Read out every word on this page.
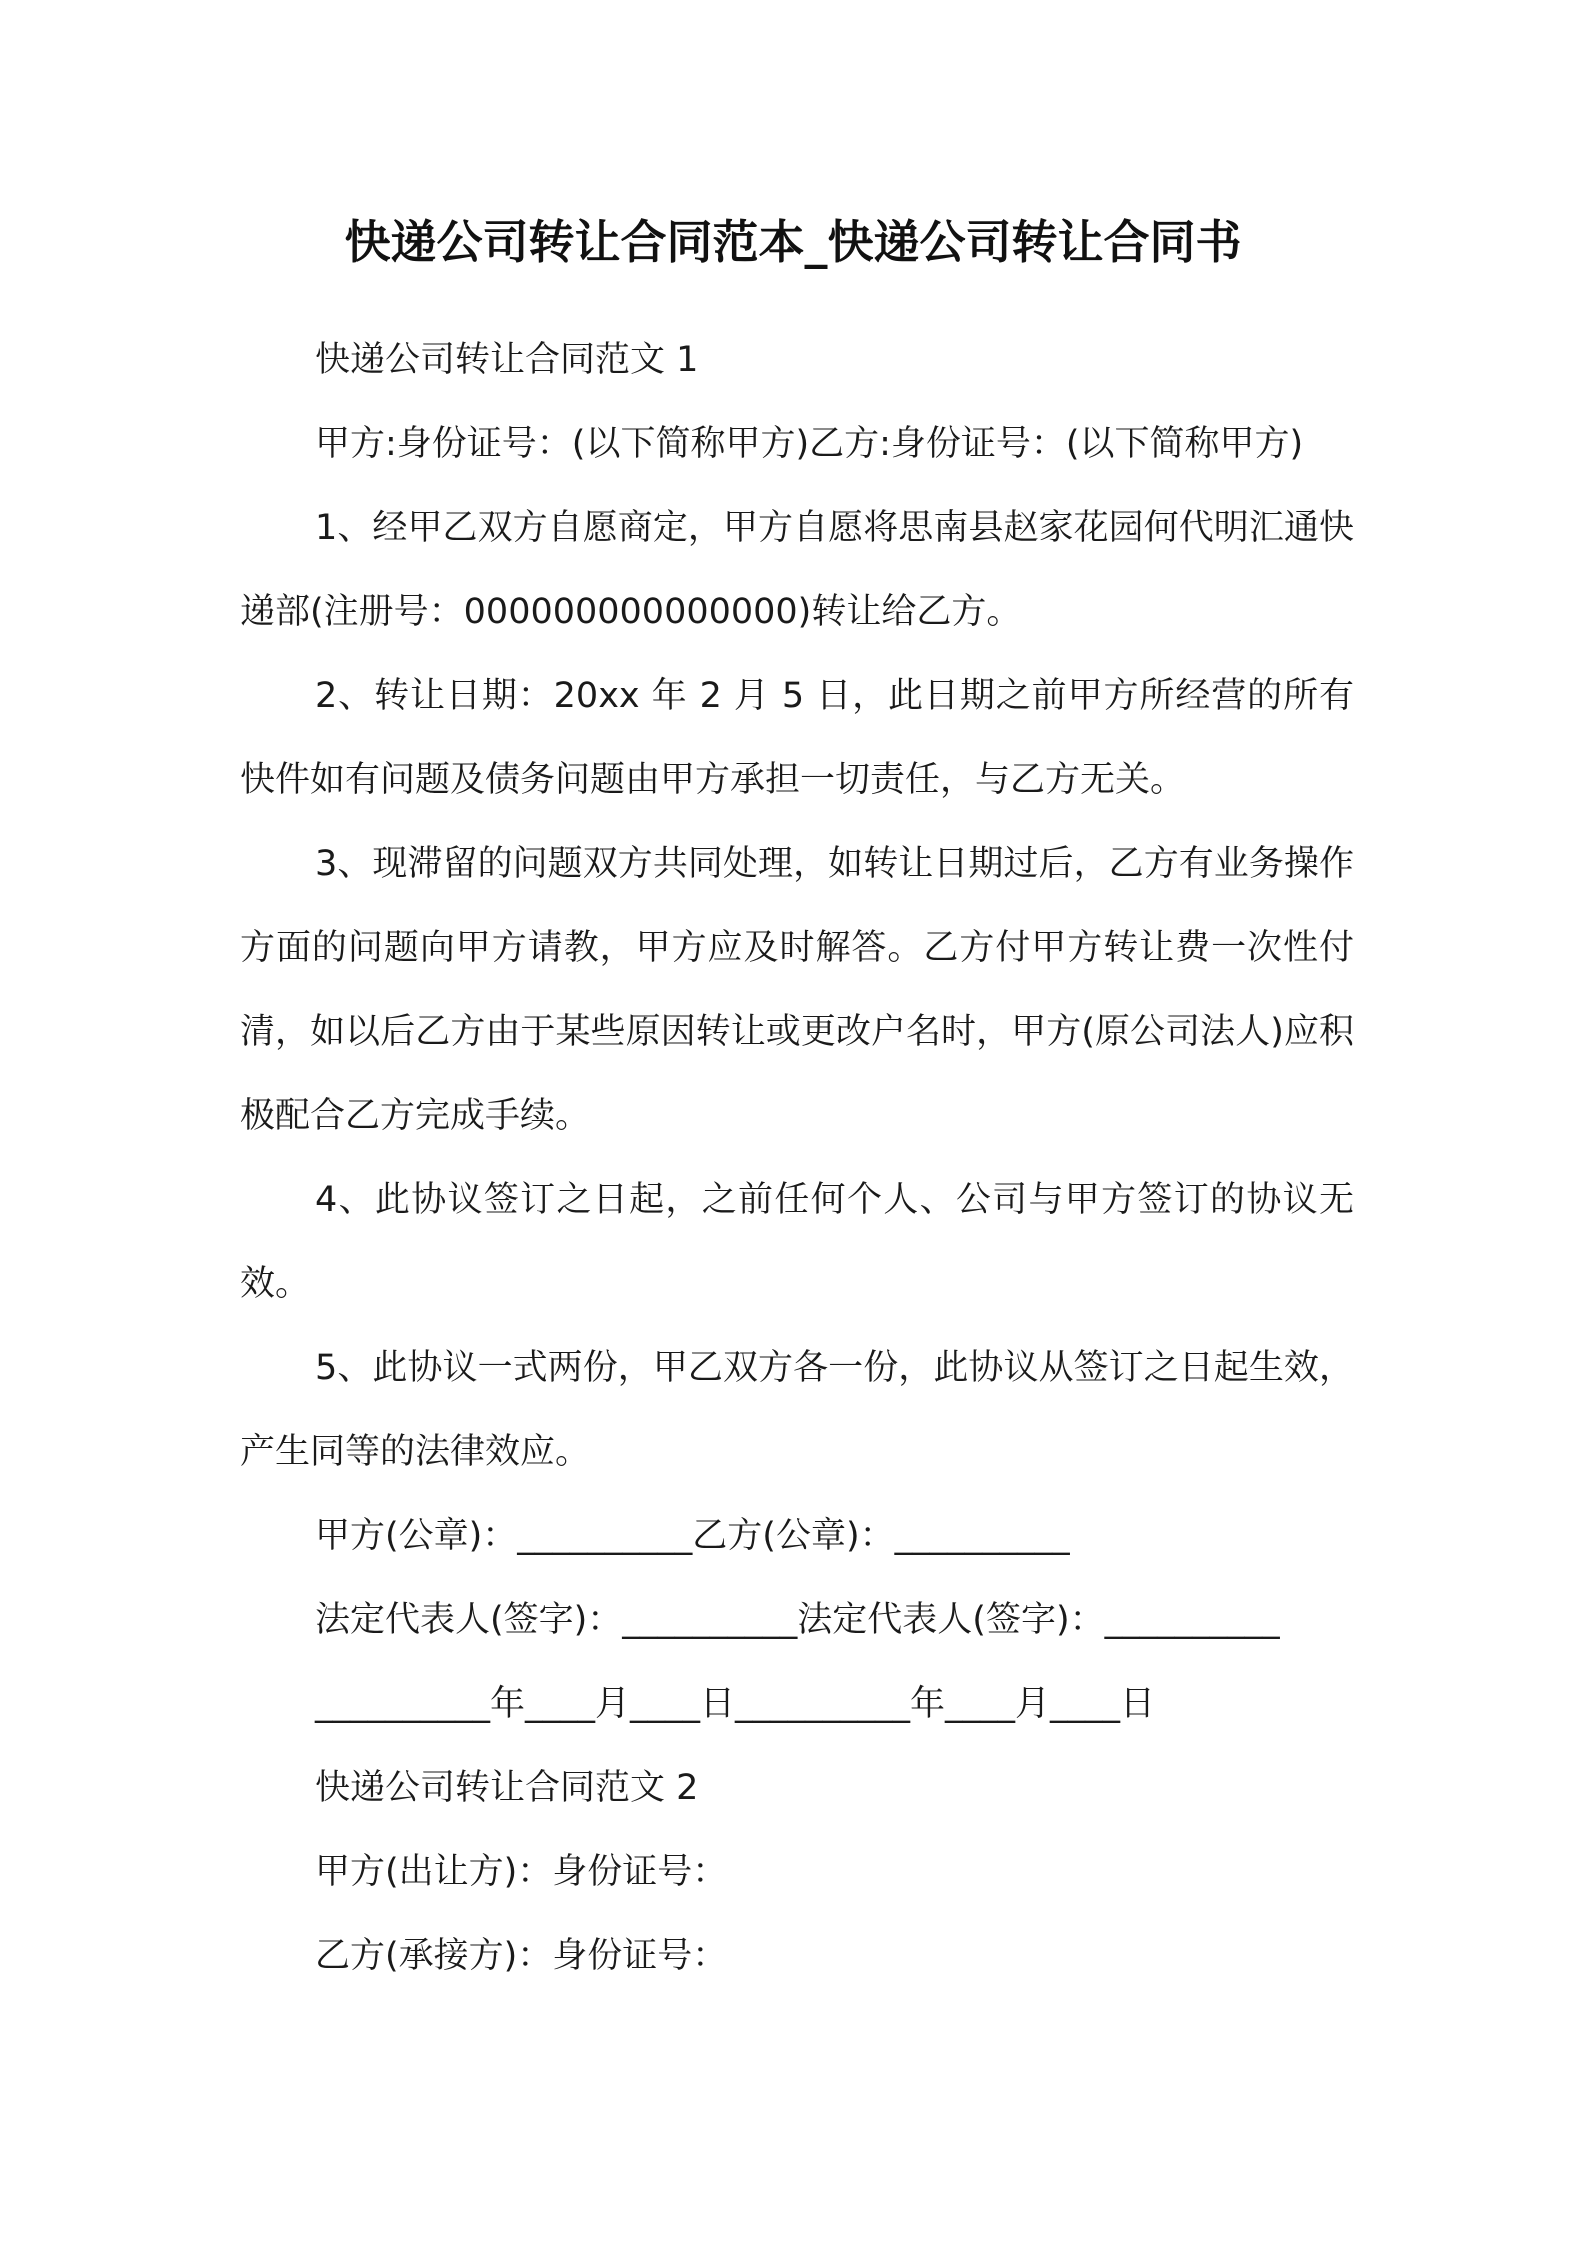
快递公司转让合同范本_快递公司转让合同书

快递公司转让合同范文 1

甲方:身份证号：(以下简称甲方)乙方:身份证号：(以下简称甲方)

1、经甲乙双方自愿商定，甲方自愿将思南县赵家花园何代明汇通快递部(注册号：000000000000000)转让给乙方。

2、转让日期：20xx 年 2 月 5 日，此日期之前甲方所经营的所有快件如有问题及债务问题由甲方承担一切责任，与乙方无关。

3、现滞留的问题双方共同处理，如转让日期过后，乙方有业务操作方面的问题向甲方请教，甲方应及时解答。乙方付甲方转让费一次性付清，如以后乙方由于某些原因转让或更改户名时，甲方(原公司法人)应积极配合乙方完成手续。

4、此协议签订之日起，之前任何个人、公司与甲方签订的协议无效。

5、此协议一式两份，甲乙双方各一份，此协议从签订之日起生效，产生同等的法律效应。

甲方(公章)：__________乙方(公章)：__________

法定代表人(签字)：__________法定代表人(签字)：__________

__________年____月____日__________年____月____日

快递公司转让合同范文 2

甲方(出让方)：身份证号：

乙方(承接方)：身份证号：
